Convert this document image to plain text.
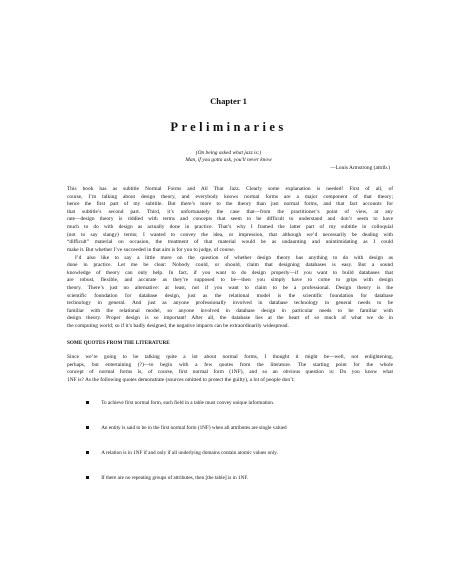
Chapter 1
Preliminaries
(On being asked what jazz is:)
Man, if you gotta ask, you'll never know
—Louis Armstrong (attrib.)
This book has as subtitle Normal Forms and All That Jazz. Clearly some explanation is needed! First of all, of
course, I’m talking about design theory, and everybody knows normal forms are a major component of that theory;
hence the first part of my subtitle. But there’s more to the theory than just normal forms, and that fact accounts for
that subtitle’s second part. Third, it’s unfortunately the case that—from the practitioner’s point of view, at any
rate—design theory is riddled with terms and concepts that seem to be difficult to understand and don’t seem to have
much to do with design as actually done in practice. That’s why I framed the latter part of my subtitle in colloquial
(not to say slangy) terms; I wanted to convey the idea, or impression, that although we’d necessarily be dealing with
“difficult” material on occasion, the treatment of that material would be as undaunting and unintimidating as I could
make it. But whether I’ve succeeded in that aim is for you to judge, of course.
I’d also like to say a little more on the question of whether design theory has anything to do with design as
done in practice. Let me be clear: Nobody could, or should, claim that designing databases is easy. But a sound
knowledge of theory can only help. In fact, if you want to do design properly—if you want to build databases that
are robust, flexible, and accurate as they’re supposed to be—then you simply have to come to grips with design
theory. There’s just no alternative: at least, not if you want to claim to be a professional. Design theory is the
scientific foundation for database design, just as the relational model is the scientific foundation for database
technology in general. And just as anyone professionally involved in database technology in general needs to be
familiar with the relational model, so anyone involved in database design in particular needs to be familiar with
design theory. Proper design is so important! After all, the database lies at the heart of so much of what we do in
the computing world; so if it’s badly designed, the negative impacts can be extraordinarily widespread.
SOME QUOTES FROM THE LITERATURE
Since we’re going to be talking quite a lot about normal forms, I thought it might be—well, not enlightening,
perhaps, but entertaining (?)—to begin with a few quotes from the literature. The starting point for the whole
concept of normal forms is, of course, first normal form (1NF), and so an obvious question is: Do you know what
1NF is? As the following quotes demonstrate (sources omitted to protect the guilty), a lot of people don’t:
To achieve first normal form, each field in a table must convey unique information.
An entity is said to be in the first normal form (1NF) when all attributes are single valued
A relation is in 1NF if and only if all underlying domains contain atomic values only.
If there are no repeating groups of attributes, then [the table] is in 1NF.
